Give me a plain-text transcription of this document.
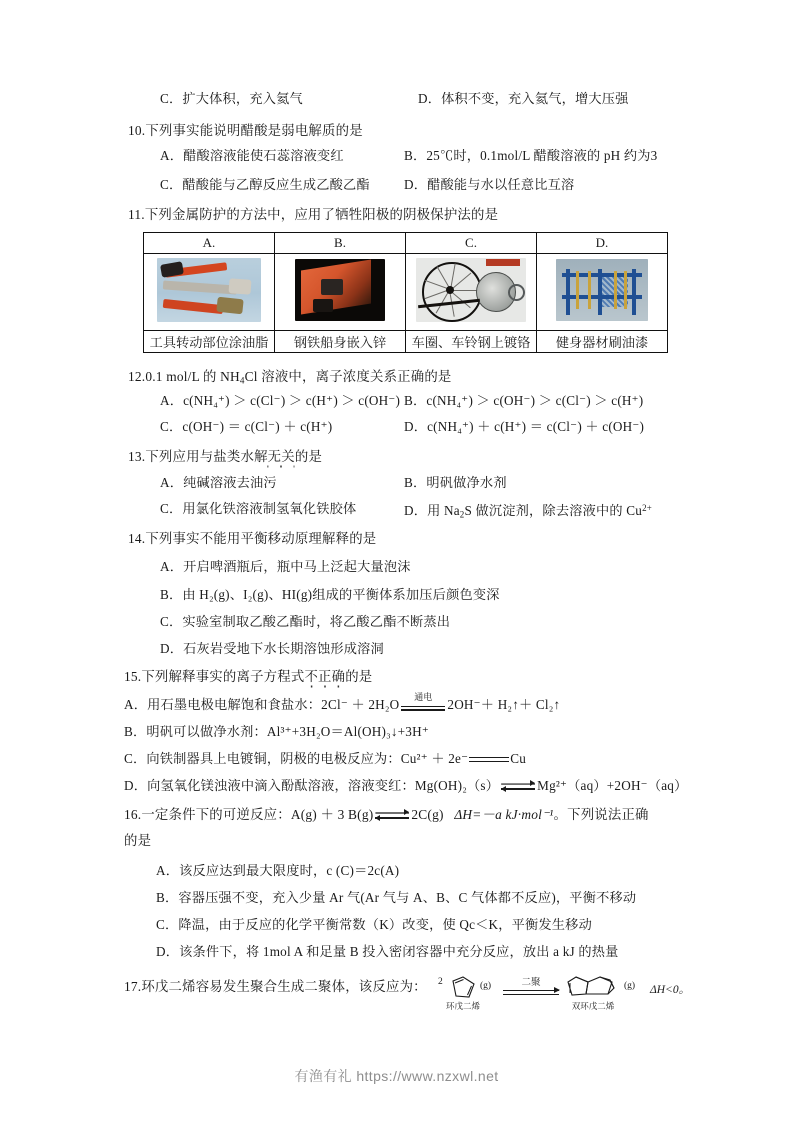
C．扩大体积，充入氦气	D．体积不变，充入氦气，增大压强
10.下列事实能说明醋酸是弱电解质的是
A．醋酸溶液能使石蕊溶液变红	B．25℃时，0.1mol/L 醋酸溶液的 pH 约为3
C．醋酸能与乙醇反应生成乙酸乙酯	D．醋酸能与水以任意比互溶
11.下列金属防护的方法中，应用了牺牲阳极的阴极保护法的是
A.	B.	C.	D.

工具转动部位涂油脂	钢铁船身嵌入锌	车圈、车铃钢上镀铬	健身器材刷油漆
12.0.1 mol/L 的 $NH_4Cl$ 溶液中，离子浓度关系正确的是
A．c(NH₄⁺) ＞ c(Cl⁻) ＞ c(H⁺) ＞ c(OH⁻) B．c(NH₄⁺) ＞ c(OH⁻) ＞ c(Cl⁻) ＞ c(H⁺)
C．c(OH⁻) ＝ c(Cl⁻) ＋ c(H⁺)	D．c(NH₄⁺) ＋ c(H⁺) ＝ c(Cl⁻) ＋ c(OH⁻)
13.下列应用与盐类水解无关的是
A．纯碱溶液去油污	B．明矾做净水剂
C．用氯化铁溶液制氢氧化铁胶体	D．用 $Na_2S$ 做沉淀剂，除去溶液中的 $Cu^{2+}$
14.下列事实不能用平衡移动原理解释的是
A．开启啤酒瓶后，瓶中马上泛起大量泡沫
B．由 H₂(g)、I₂(g)、HI(g)组成的平衡体系加压后颜色变深
C．实验室制取乙酸乙酯时，将乙酸乙酯不断蒸出
D．石灰岩受地下水长期溶蚀形成溶洞
15.下列解释事实的离子方程式不正确的是
A．用石墨电极电解饱和食盐水：2Cl⁻ ＋ 2H₂O
通电
2OH⁻＋ H₂↑＋ Cl₂↑
B．明矾可以做净水剂：Al³⁺+3H₂O＝Al(OH)₃↓+3H⁺
C．向铁制器具上电镀铜，阴极的电极反应为：Cu²⁺ ＋ 2e⁻	Cu
D．向氢氧化镁浊液中滴入酚酞溶液，溶液变红：Mg(OH)₂（s）	Mg²⁺（aq）+2OH⁻（aq）
16.一定条件下的可逆反应：A(g) ＋ 3 B(g)	2C(g) ΔH=－a kJ·mol⁻¹。下列说法正确
的是
A．该反应达到最大限度时，c (C)＝2c(A)
B．容器压强不变，充入少量 Ar 气(Ar 气与 A、B、C 气体都不反应)，平衡不移动
C．降温，由于反应的化学平衡常数（K）改变，使 Qc＜K，平衡发生移动
D．该条件下，将 1mol A 和足量 B 投入密闭容器中充分反应，放出 a kJ 的热量
17.环戊二烯容易发生聚合生成二聚体，该反应为： 2
环戊二烯
(g)	二聚
双环戊二烯
(g) ΔH<0。
有渔有礼 https://www.nzxwl.net
